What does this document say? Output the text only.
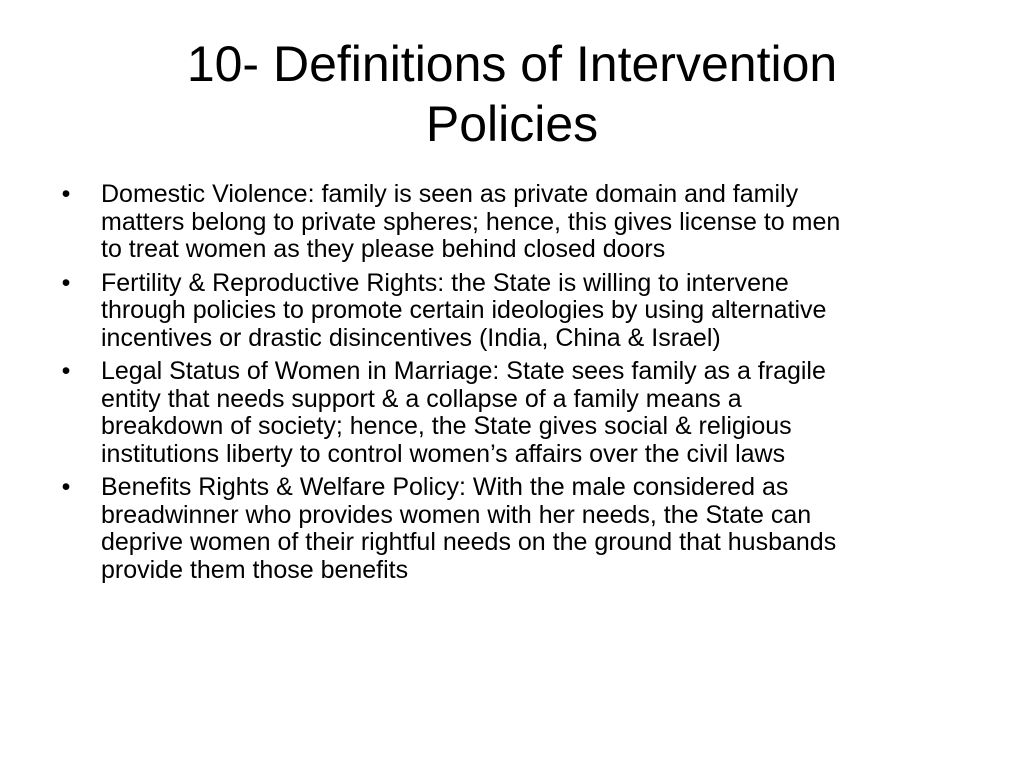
10- Definitions of Intervention
Policies
• Domestic Violence: family is seen as private domain and family
matters belong to private spheres; hence, this gives license to men
to treat women as they please behind closed doors
• Fertility & Reproductive Rights: the State is willing to intervene
through policies to promote certain ideologies by using alternative
incentives or drastic disincentives (India, China & Israel)
• Legal Status of Women in Marriage: State sees family as a fragile
entity that needs support & a collapse of a family means a
breakdown of society; hence, the State gives social & religious
institutions liberty to control women’s affairs over the civil laws
• Benefits Rights & Welfare Policy: With the male considered as
breadwinner who provides women with her needs, the State can
deprive women of their rightful needs on the ground that husbands
provide them those benefits
